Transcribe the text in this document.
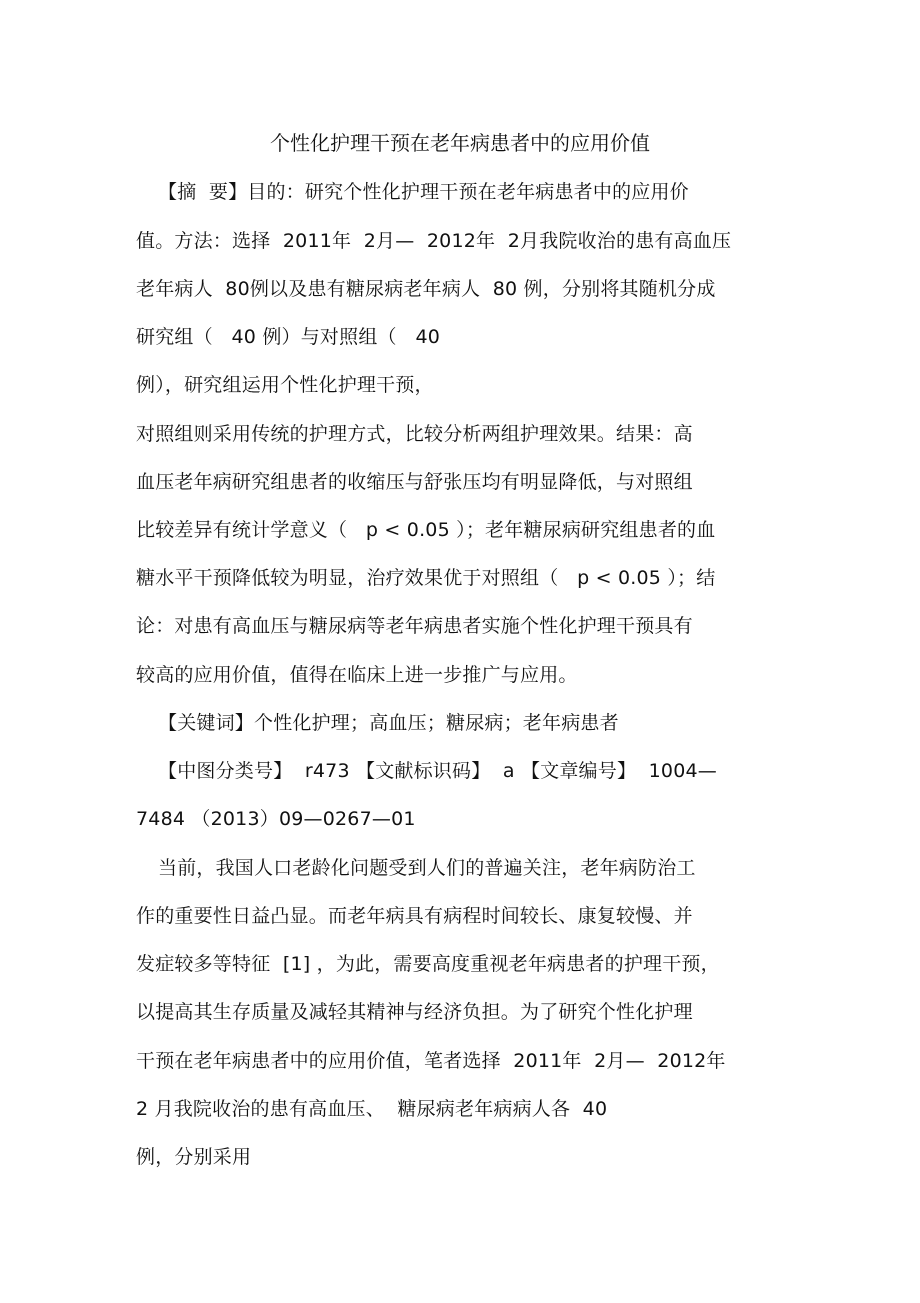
个性化护理干预在老年病患者中的应用价值
【摘  要】目的：研究个性化护理干预在老年病患者中的应用价
值。方法：选择  2011年  2月—  2012年  2月我院收治的患有高血压
老年病人  80例以及患有糖尿病老年病人  80 例，分别将其随机分成
研究组（   40 例）与对照组（   40
例），研究组运用个性化护理干预，
对照组则采用传统的护理方式，比较分析两组护理效果。结果：高
血压老年病研究组患者的收缩压与舒张压均有明显降低，与对照组
比较差异有统计学意义（   p < 0.05 ）；老年糖尿病研究组患者的血
糖水平干预降低较为明显，治疗效果优于对照组（   p < 0.05 ）；结
论：对患有高血压与糖尿病等老年病患者实施个性化护理干预具有
较高的应用价值，值得在临床上进一步推广与应用。
【关键词】个性化护理；高血压；糖尿病；老年病患者
【中图分类号】  r473 【文献标识码】  a 【文章编号】  1004—
7484 （2013）09—0267—01
当前，我国人口老龄化问题受到人们的普遍关注，老年病防治工
作的重要性日益凸显。而老年病具有病程时间较长、康复较慢、并
发症较多等特征  [1] ，为此，需要高度重视老年病患者的护理干预，
以提高其生存质量及减轻其精神与经济负担。为了研究个性化护理
干预在老年病患者中的应用价值，笔者选择  2011年  2月—  2012年
2 月我院收治的患有高血压、  糖尿病老年病病人各  40
例，分别采用
